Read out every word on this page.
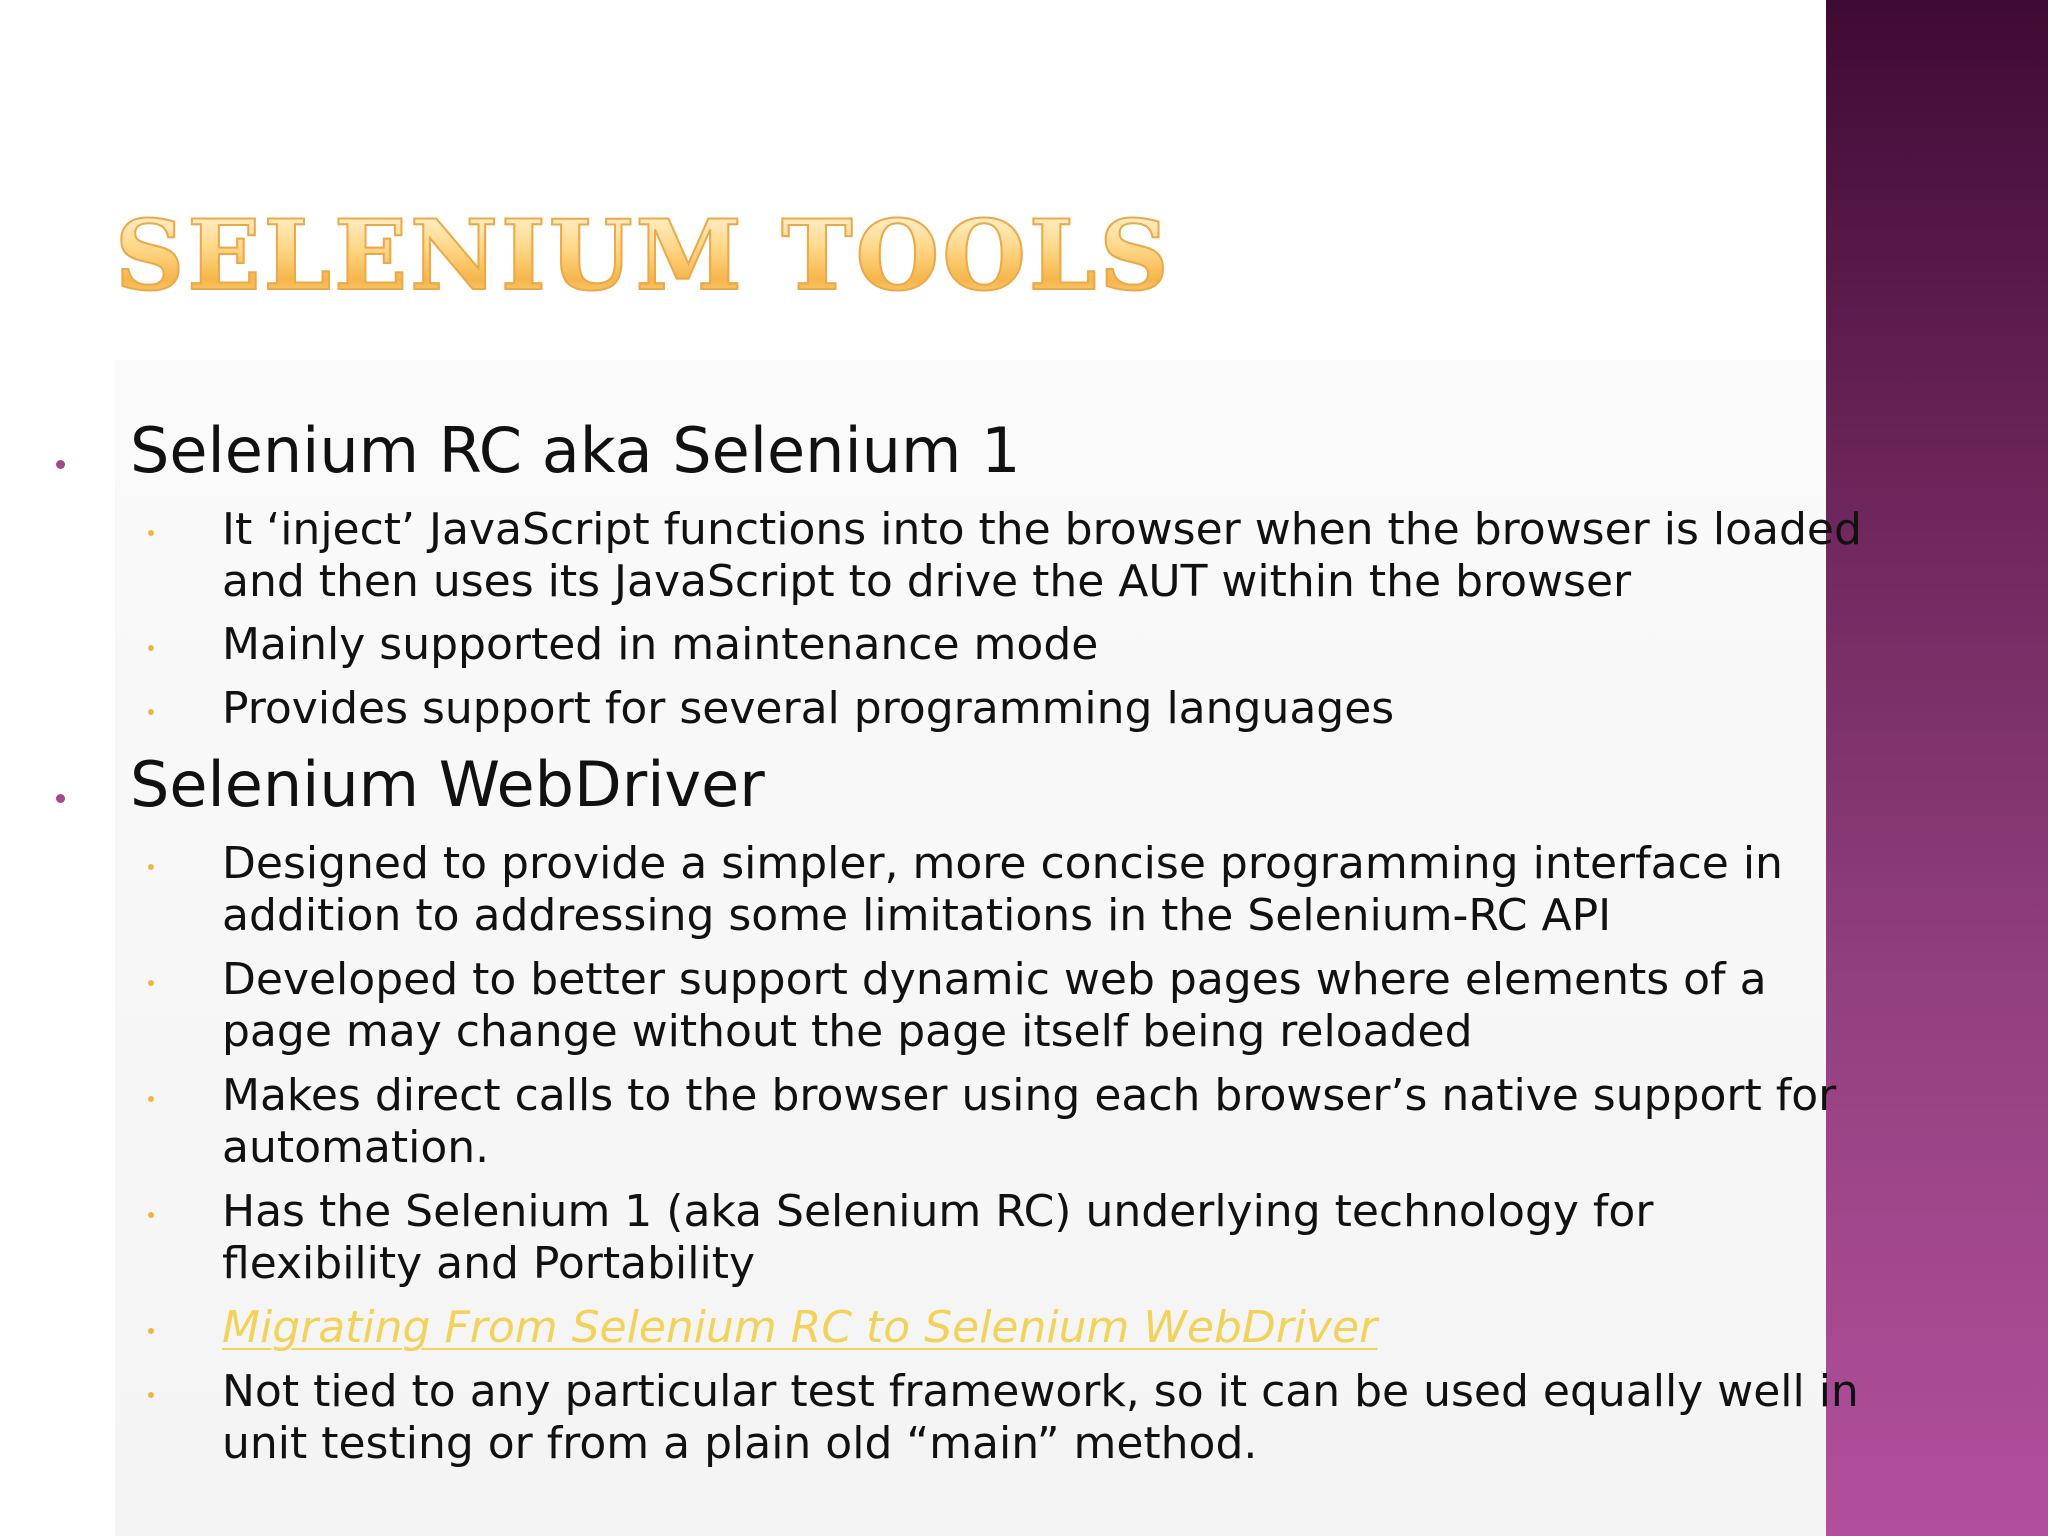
SELENIUM TOOLS
Selenium RC aka Selenium 1
It ‘inject’ JavaScript functions into the browser when the browser is loaded and then uses its JavaScript to drive the AUT within the browser
Mainly supported in maintenance mode
Provides support for several programming languages
Selenium WebDriver
Designed to provide a simpler, more concise programming interface in addition to addressing some limitations in the Selenium-RC API
Developed to better support dynamic web pages where elements of a page may change without the page itself being reloaded
Makes direct calls to the browser using each browser’s native support for automation.
Has the Selenium 1 (aka Selenium RC) underlying technology for flexibility and Portability
Migrating From Selenium RC to Selenium WebDriver
Not tied to any particular test framework, so it can be used equally well in unit testing or from a plain old “main” method.
